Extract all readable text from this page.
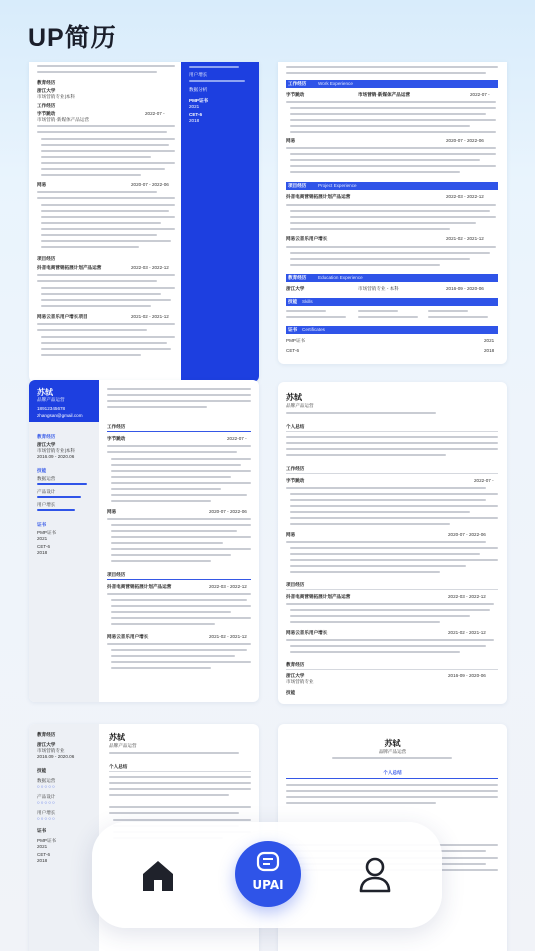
UP简历
教育经历
浙江大学
市场营销专业|本科
工作经历
字节跳动	2022-07 -
市场营销·新媒体产品运营
网易	2020-07 - 2022-06
项目经历
抖音电商营销拓展计划产品运营	2022-03 - 2022-12
网易云音乐用户增长项目	2021-02 - 2021-12
用户增长
数据分析
PMP证书
2021
CET-6
2018
工作经历	Work Experience
字节跳动	市场营销·新媒体产品运营	2022-07 -
网易	2020-07 - 2022-06
项目经历	Project Experience
抖音电商营销拓展计划产品运营	2022-03 - 2022-12
网易云音乐用户增长	2021-02 - 2021-12
教育经历	Education Experience
浙江大学	市场营销专业 - 本科	2016-09 - 2020-06
技能 Skills
证书 Certificates
PMP证书	2021
CET-6	2018
苏轼
品牌产品运营
18912345678
zhangsan@gmail.com
教育经历
浙江大学
市场营销专业|本科
2016.09 - 2020.06
技能
数据运营
产品设计
用户增长
证书
PMP证书
2021
CET-6
2018
工作经历
字节跳动	2022-07 -
网易	2020-07 - 2022-06
项目经历
抖音电商营销拓展计划产品运营	2022-03 - 2022-12
网易云音乐用户增长	2021-02 - 2021-12
苏轼
品牌产品运营
个人总结
工作经历
字节跳动	2022-07 -
网易	2020-07 - 2022-06
项目经历
抖音电商营销拓展计划产品运营	2022-03 - 2022-12
网易云音乐用户增长	2021-02 - 2021-12
教育经历
浙江大学
市场营销专业
2016-09 - 2020-06
技能
教育经历
浙江大学
市场营销专业
2016.09 - 2020.06
技能
数据运营
○○○○○
产品设计
○○○○○
用户增长
○○○○○
证书
PMP证书
2021
CET-6
2018
苏轼
品牌产品运营
个人总结
苏轼
品牌产品运营
个人总结
UPAI
